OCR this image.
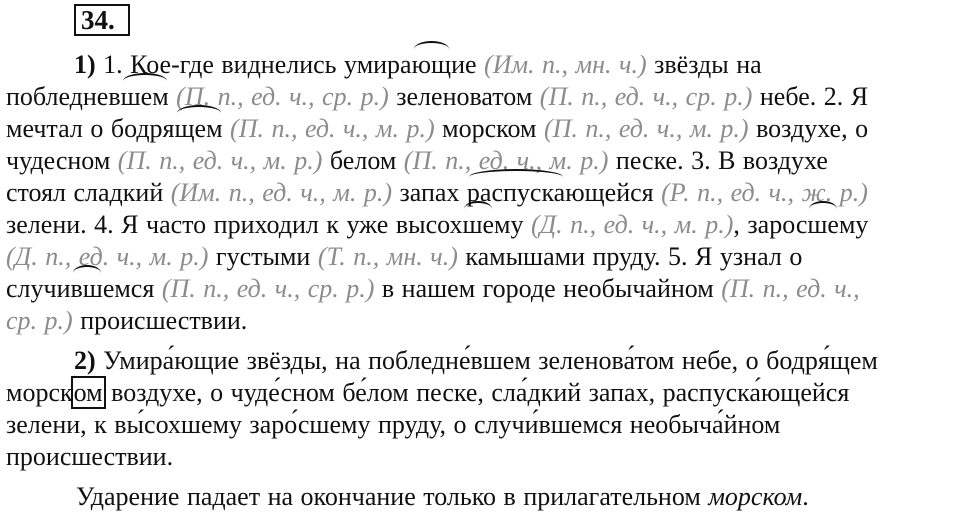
34.
1) 1. Кое-где виднелись умирающие (Им. п., мн. ч.) звёзды на
побледневшем (П. п., ед. ч., ср. р.) зеленоватом (П. п., ед. ч., ср. р.) небе. 2. Я
мечтал о бодрящем (П. п., ед. ч., м. р.) морском (П. п., ед. ч., м. р.) воздухе, о
чудесном (П. п., ед. ч., м. р.) белом (П. п., ед. ч., м. р.) песке. 3. В воздухе
стоял сладкий (Им. п., ед. ч., м. р.) запах распускающейся (Р. п., ед. ч., ж. р.)
зелени. 4. Я часто приходил к уже высохшему (Д. п., ед. ч., м. р.), заросшему
(Д. п., ед. ч., м. р.) густыми (Т. п., мн. ч.) камышами пруду. 5. Я узнал о
случившемся (П. п., ед. ч., ср. р.) в нашем городе необычайном (П. п., ед. ч.,
ср. р.) происшествии.
2) Умира́ющие звёзды, на побледне́вшем зеленова́том небе, о бодря́щем
морском воздухе, о чуде́сном бе́лом песке, сла́дкий запах, распуска́ющейся
зелени, к вы́сохшему заро́сшему пруду, о случи́вшемся необыча́йном
происшествии.
Ударение падает на окончание только в прилагательном морском.
